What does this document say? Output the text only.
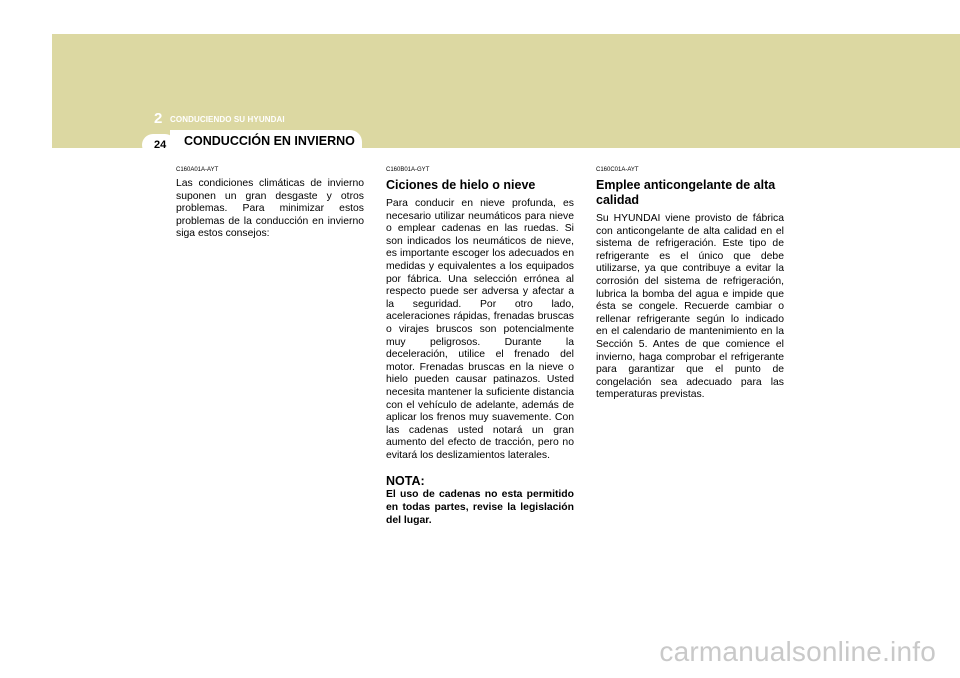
2 CONDUCIENDO SU HYUNDAI
24 CONDUCCIÓN EN INVIERNO
C160A01A-AYT

Las condiciones climáticas de invierno suponen un gran desgaste y otros problemas. Para minimizar estos problemas de la conducción en invierno siga estos consejos:

C160B01A-GYT
Ciciones de hielo o nieve

Para conducir en nieve profunda, es necesario utilizar neumáticos para nieve o emplear cadenas en las ruedas. Si son indicados los neumáticos de nieve, es importante escoger los adecuados en medidas y equivalentes a los equipados por fábrica. Una selección errónea al respecto puede ser adversa y afectar a la seguridad. Por otro lado, aceleraciones rápidas, frenadas bruscas o virajes bruscos son potencialmente muy peligrosos. Durante la deceleración, utilice el frenado del motor. Frenadas bruscas en la nieve o hielo pueden causar patinazos. Usted necesita mantener la suficiente distancia con el vehículo de adelante, además de aplicar los frenos muy suavemente. Con las cadenas usted notará un gran aumento del efecto de tracción, pero no evitará los deslizamientos laterales.

NOTA:

El uso de cadenas no esta permitido en todas partes, revise la legislación del lugar.

C160C01A-AYT
Emplee anticongelante de alta calidad

Su HYUNDAI viene provisto de fábrica con anticongelante de alta calidad en el sistema de refrigeración. Este tipo de refrigerante es el único que debe utilizarse, ya que contribuye a evitar la corrosión del sistema de refrigeración, lubrica la bomba del agua e impide que ésta se congele. Recuerde cambiar o rellenar refrigerante según lo indicado en el calendario de mantenimiento en la Sección 5. Antes de que comience el invierno, haga comprobar el refrigerante para garantizar que el punto de congelación sea adecuado para las temperaturas previstas.

carmanualsonline.info
